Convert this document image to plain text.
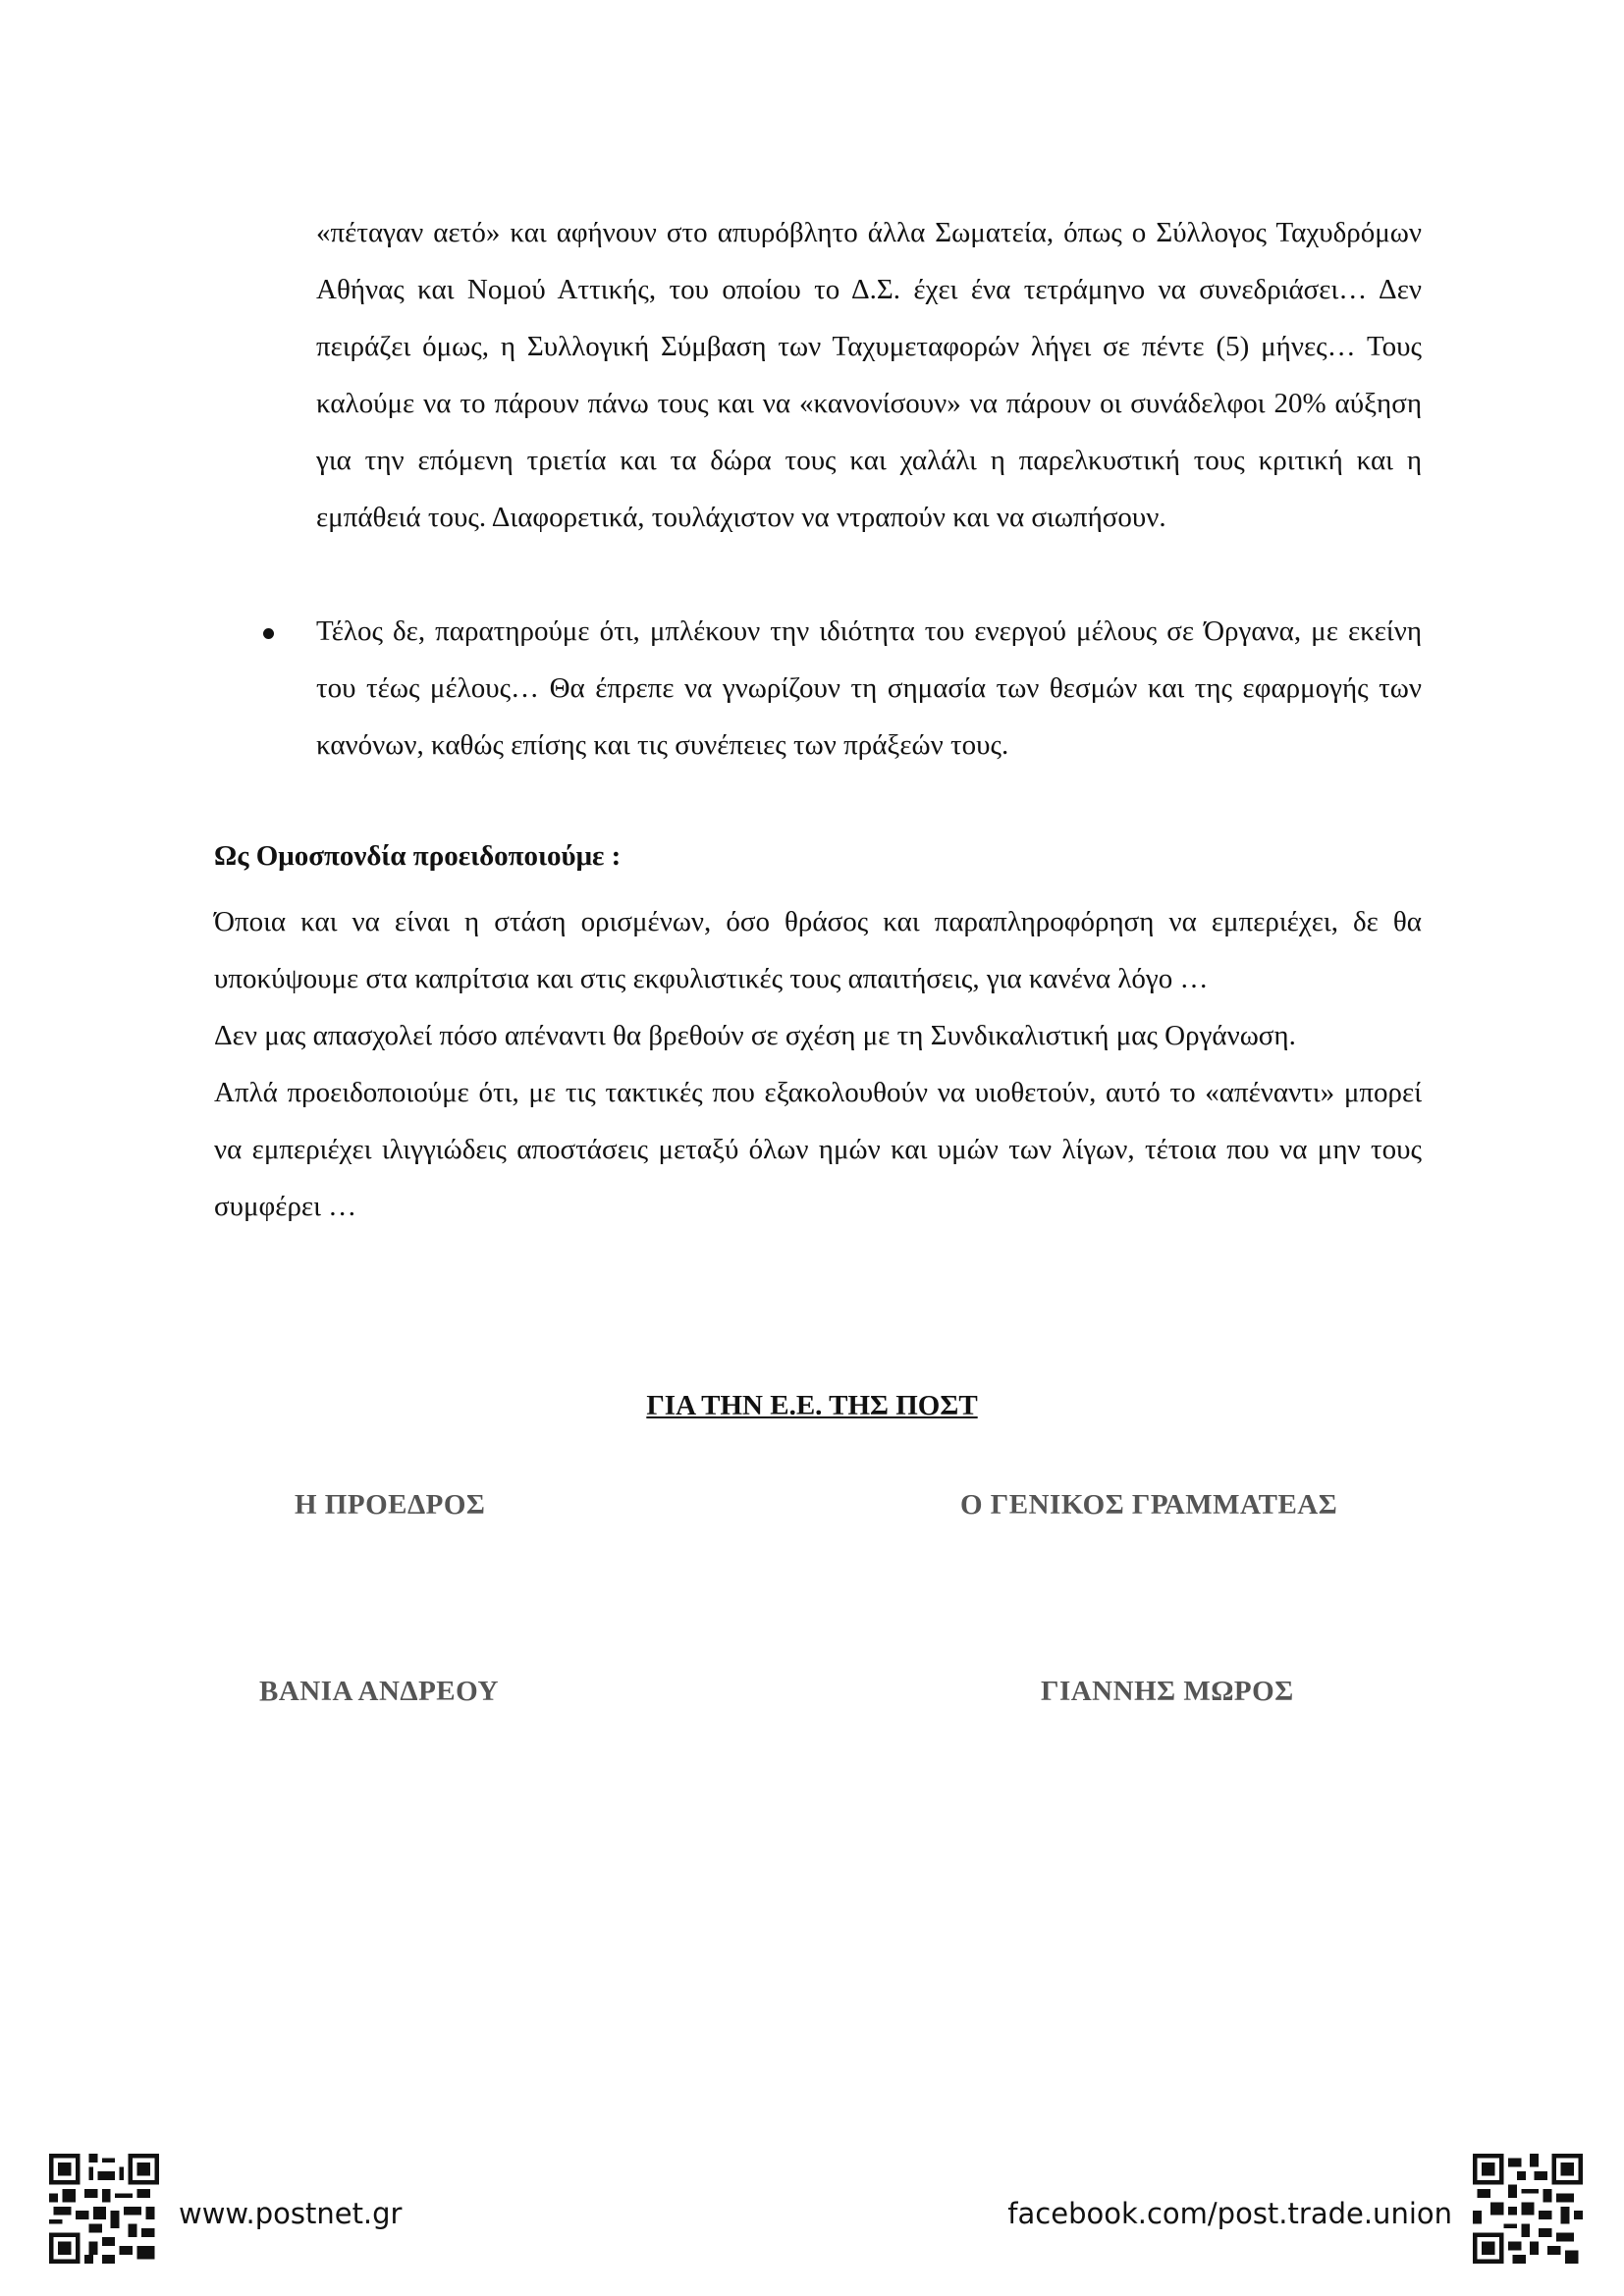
«πέταγαν αετό» και αφήνουν στο απυρόβλητο άλλα Σωματεία, όπως ο Σύλλογος Ταχυδρόμων Αθήνας και Νομού Αττικής, του οποίου το Δ.Σ. έχει ένα τετράμηνο να συνεδριάσει… Δεν πειράζει όμως, η Συλλογική Σύμβαση των Ταχυμεταφορών λήγει σε πέντε (5) μήνες… Τους καλούμε να το πάρουν πάνω τους και να «κανονίσουν» να πάρουν οι συνάδελφοι 20% αύξηση για την επόμενη τριετία και τα δώρα τους και χαλάλι η παρελκυστική τους κριτική και η εμπάθειά τους. Διαφορετικά, τουλάχιστον να ντραπούν και να σιωπήσουν.

Τέλος δε, παρατηρούμε ότι, μπλέκουν την ιδιότητα του ενεργού μέλους σε Όργανα, με εκείνη του τέως μέλους… Θα έπρεπε να γνωρίζουν τη σημασία των θεσμών και της εφαρμογής των κανόνων, καθώς επίσης και τις συνέπειες των πράξεών τους.

Ως Ομοσπονδία προειδοποιούμε :

Όποια και να είναι η στάση ορισμένων, όσο θράσος και παραπληροφόρηση να εμπεριέχει, δε θα υποκύψουμε στα καπρίτσια και στις εκφυλιστικές τους απαιτήσεις, για κανένα λόγο …

Δεν μας απασχολεί πόσο απέναντι θα βρεθούν σε σχέση με τη Συνδικαλιστική μας Οργάνωση.

Απλά προειδοποιούμε ότι, με τις τακτικές που εξακολουθούν να υιοθετούν, αυτό το «απέναντι» μπορεί να εμπεριέχει ιλιγγιώδεις αποστάσεις μεταξύ όλων ημών και υμών των λίγων, τέτοια που να μην τους συμφέρει …

ΓΙΑ ΤΗΝ Ε.Ε. ΤΗΣ ΠΟΣΤ
Η ΠΡΟΕΔΡΟΣ	Ο ΓΕΝΙΚΟΣ ΓΡΑΜΜΑΤΕΑΣ
ΒΑΝΙΑ ΑΝΔΡΕΟΥ	ΓΙΑΝΝΗΣ ΜΩΡΟΣ
www.postnet.gr	facebook.com/post.trade.union
